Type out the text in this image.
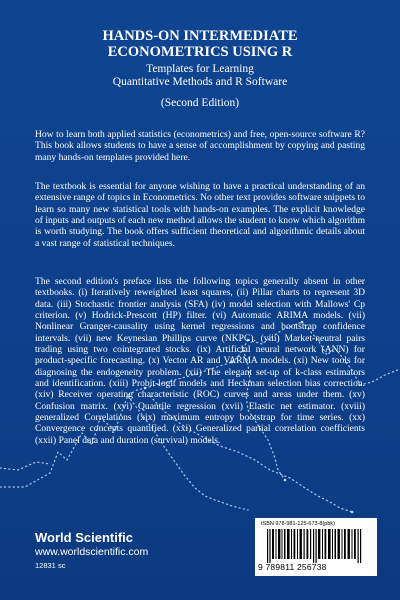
HANDS-ON INTERMEDIATE
ECONOMETRICS USING R
Templates for Learning
Quantitative Methods and R Software
(Second Edition)
How to learn both applied statistics (econometrics) and free, open-source software R? This book allows students to have a sense of accomplishment by copying and pasting many hands-on templates provided here.
The textbook is essential for anyone wishing to have a practical understanding of an extensive range of topics in Econometrics. No other text provides software snippets to learn so many new statistical tools with hands-on examples. The explicit knowledge of inputs and outputs of each new method allows the student to know which algorithm is worth studying. The book offers sufficient theoretical and algorithmic details about a vast range of statistical techniques.
The second edition's preface lists the following topics generally absent in other textbooks. (i) Iteratively reweighted least squares, (ii) Pillar charts to represent 3D data. (iii) Stochastic frontier analysis (SFA) (iv) model selection with Mallows' Cp criterion. (v) Hodrick-Prescott (HP) filter. (vi) Automatic ARIMA models. (vii) Nonlinear Granger-causality using kernel regressions and bootstrap confidence intervals. (vii) new Keynesian Phillips curve (NKPC). (viii) Market-neutral pairs trading using two cointegrated stocks. (ix) Artificial neural network (ANN) for product-specific forecasting. (x) Vector AR and VARMA models. (xi) New tools for diagnosing the endogeneity problem. (xii) The elegant set-up of k-class estimators and identification. (xiii) Probit-logit models and Heckman selection bias correction. (xiv) Receiver operating characteristic (ROC) curves and areas under them. (xv) Confusion matrix. (xvi) Quantile regression (xvii) Elastic net estimator. (xviii) generalized Correlations (xix) maximum entropy bootstrap for time series. (xx) Convergence concepts quantified. (xxi) Generalized partial correlation coefficients (xxii) Panel data and duration (survival) models.
World Scientific
www.worldscientific.com
12831 sc
ISBN 978-981-125-673-8(pbk)
9 789811 256738
